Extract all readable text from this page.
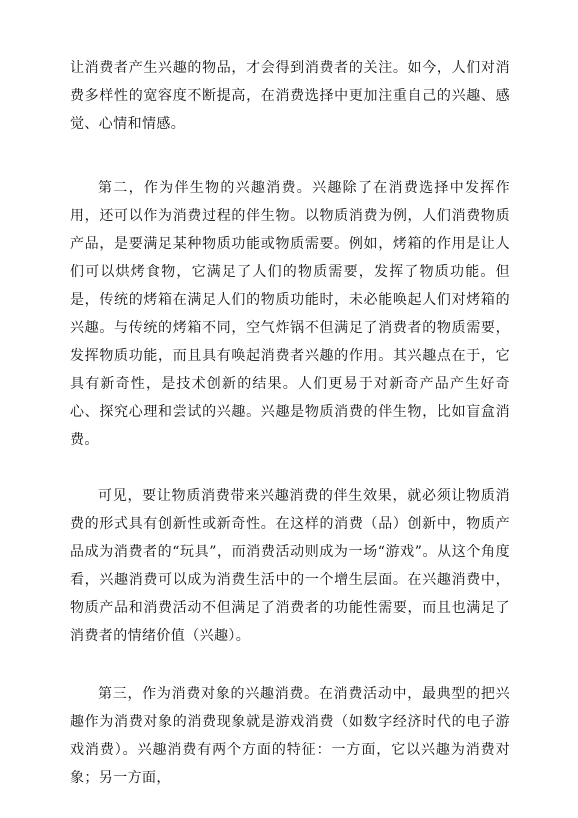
让消费者产生兴趣的物品，才会得到消费者的关注。如今，人们对消费多样性的宽容度不断提高，在消费选择中更加注重自己的兴趣、感觉、心情和情感。

第二，作为伴生物的兴趣消费。兴趣除了在消费选择中发挥作用，还可以作为消费过程的伴生物。以物质消费为例，人们消费物质产品，是要满足某种物质功能或物质需要。例如，烤箱的作用是让人们可以烘烤食物，它满足了人们的物质需要，发挥了物质功能。但是，传统的烤箱在满足人们的物质功能时，未必能唤起人们对烤箱的兴趣。与传统的烤箱不同，空气炸锅不但满足了消费者的物质需要，发挥物质功能，而且具有唤起消费者兴趣的作用。其兴趣点在于，它具有新奇性，是技术创新的结果。人们更易于对新奇产品产生好奇心、探究心理和尝试的兴趣。兴趣是物质消费的伴生物，比如盲盒消费。

可见，要让物质消费带来兴趣消费的伴生效果，就必须让物质消费的形式具有创新性或新奇性。在这样的消费（品）创新中，物质产品成为消费者的“玩具”，而消费活动则成为一场“游戏”。从这个角度看，兴趣消费可以成为消费生活中的一个增生层面。在兴趣消费中，物质产品和消费活动不但满足了消费者的功能性需要，而且也满足了消费者的情绪价值（兴趣）。

第三，作为消费对象的兴趣消费。在消费活动中，最典型的把兴趣作为消费对象的消费现象就是游戏消费（如数字经济时代的电子游戏消费）。兴趣消费有两个方面的特征：一方面，它以兴趣为消费对象；另一方面，
